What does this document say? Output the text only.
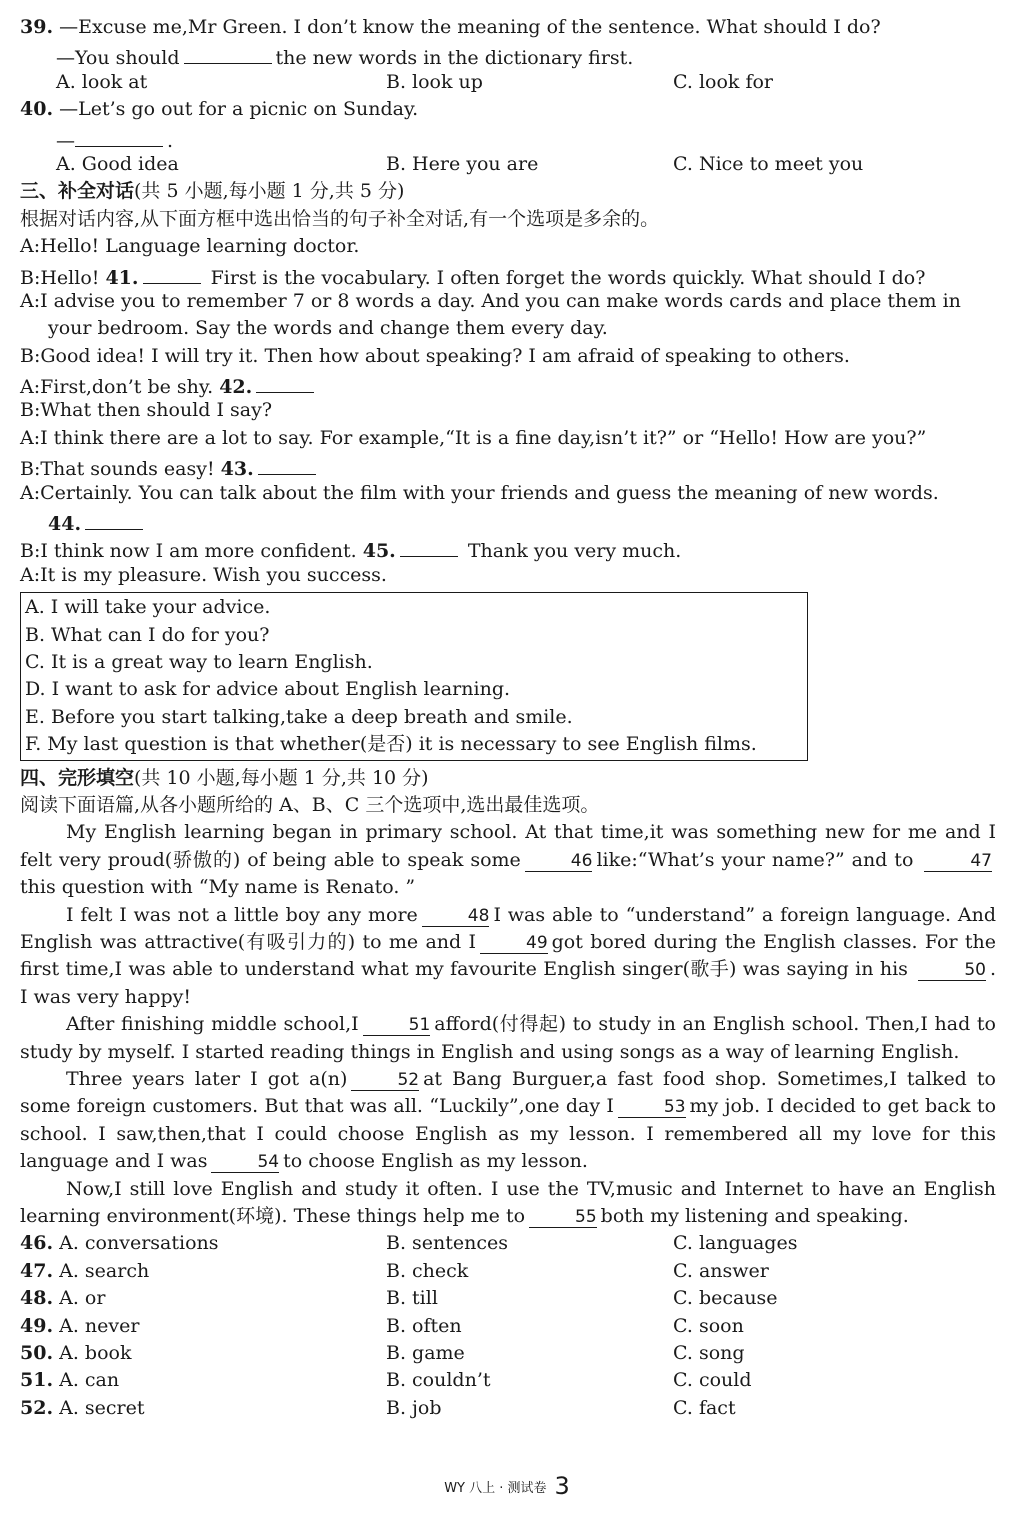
39. —Excuse me,Mr Green. I don’t know the meaning of the sentence. What should I do?
—You should	the new words in the dictionary first.
A. look at	B. look up	C. look for
40. —Let’s go out for a picnic on Sunday.
—	.
A. Good idea	B. Here you are	C. Nice to meet you
三、补全对话(共 5 小题,每小题 1 分,共 5 分)
根据对话内容,从下面方框中选出恰当的句子补全对话,有一个选项是多余的。
A:Hello! Language learning doctor.
B:Hello! 41.	First is the vocabulary. I often forget the words quickly. What should I do?
A:I advise you to remember 7 or 8 words a day. And you can make words cards and place them in
your bedroom. Say the words and change them every day.
B:Good idea! I will try it. Then how about speaking? I am afraid of speaking to others.
A:First,don’t be shy. 42.
B:What then should I say?
A:I think there are a lot to say. For example,“It is a fine day,isn’t it?” or “Hello! How are you?”
B:That sounds easy! 43.
A:Certainly. You can talk about the film with your friends and guess the meaning of new words.
44.
B:I think now I am more confident. 45.	Thank you very much.
A:It is my pleasure. Wish you success.
A. I will take your advice.
B. What can I do for you?
C. It is a great way to learn English.
D. I want to ask for advice about English learning.
E. Before you start talking,take a deep breath and smile.
F. My last question is that whether(是否) it is necessary to see English films.
四、完形填空(共 10 小题,每小题 1 分,共 10 分)
阅读下面语篇,从各小题所给的 A、B、C 三个选项中,选出最佳选项。
My English learning began in primary school. At that time,it was something new for me and I felt very proud(骄傲的) of being able to speak some	46 like:“What’s your name?” and to	47this question with “My name is Renato. ”
I felt I was not a little boy any more	48 I was able to “understand” a foreign language. And English was attractive(有吸引力的) to me and I	49 got bored during the English classes. For the first time,I was able to understand what my favourite English singer(歌手) was saying in his	50 . I was very happy!
After finishing middle school,I	51 afford(付得起) to study in an English school. Then,I had to study by myself. I started reading things in English and using songs as a way of learning English.
Three years later I got a(n)	52 at Bang Burguer,a fast food shop. Sometimes,I talked to some foreign customers. But that was all. “Luckily”,one day I	53 my job. I decided to get back to school. I saw,then,that I could choose English as my lesson. I remembered all my love for this language and I was	54 to choose English as my lesson.
Now,I still love English and study it often. I use the TV,music and Internet to have an English learning environment(环境). These things help me to	55 both my listening and speaking.
46. A. conversations	B. sentences	C. languages
47. A. search	B. check	C. answer
48. A. or	B. till	C. because
49. A. never	B. often	C. soon
50. A. book	B. game	C. song
51. A. can	B. couldn’t	C. could
52. A. secret	B. job	C. fact
WY 八上 · 测试卷 3
